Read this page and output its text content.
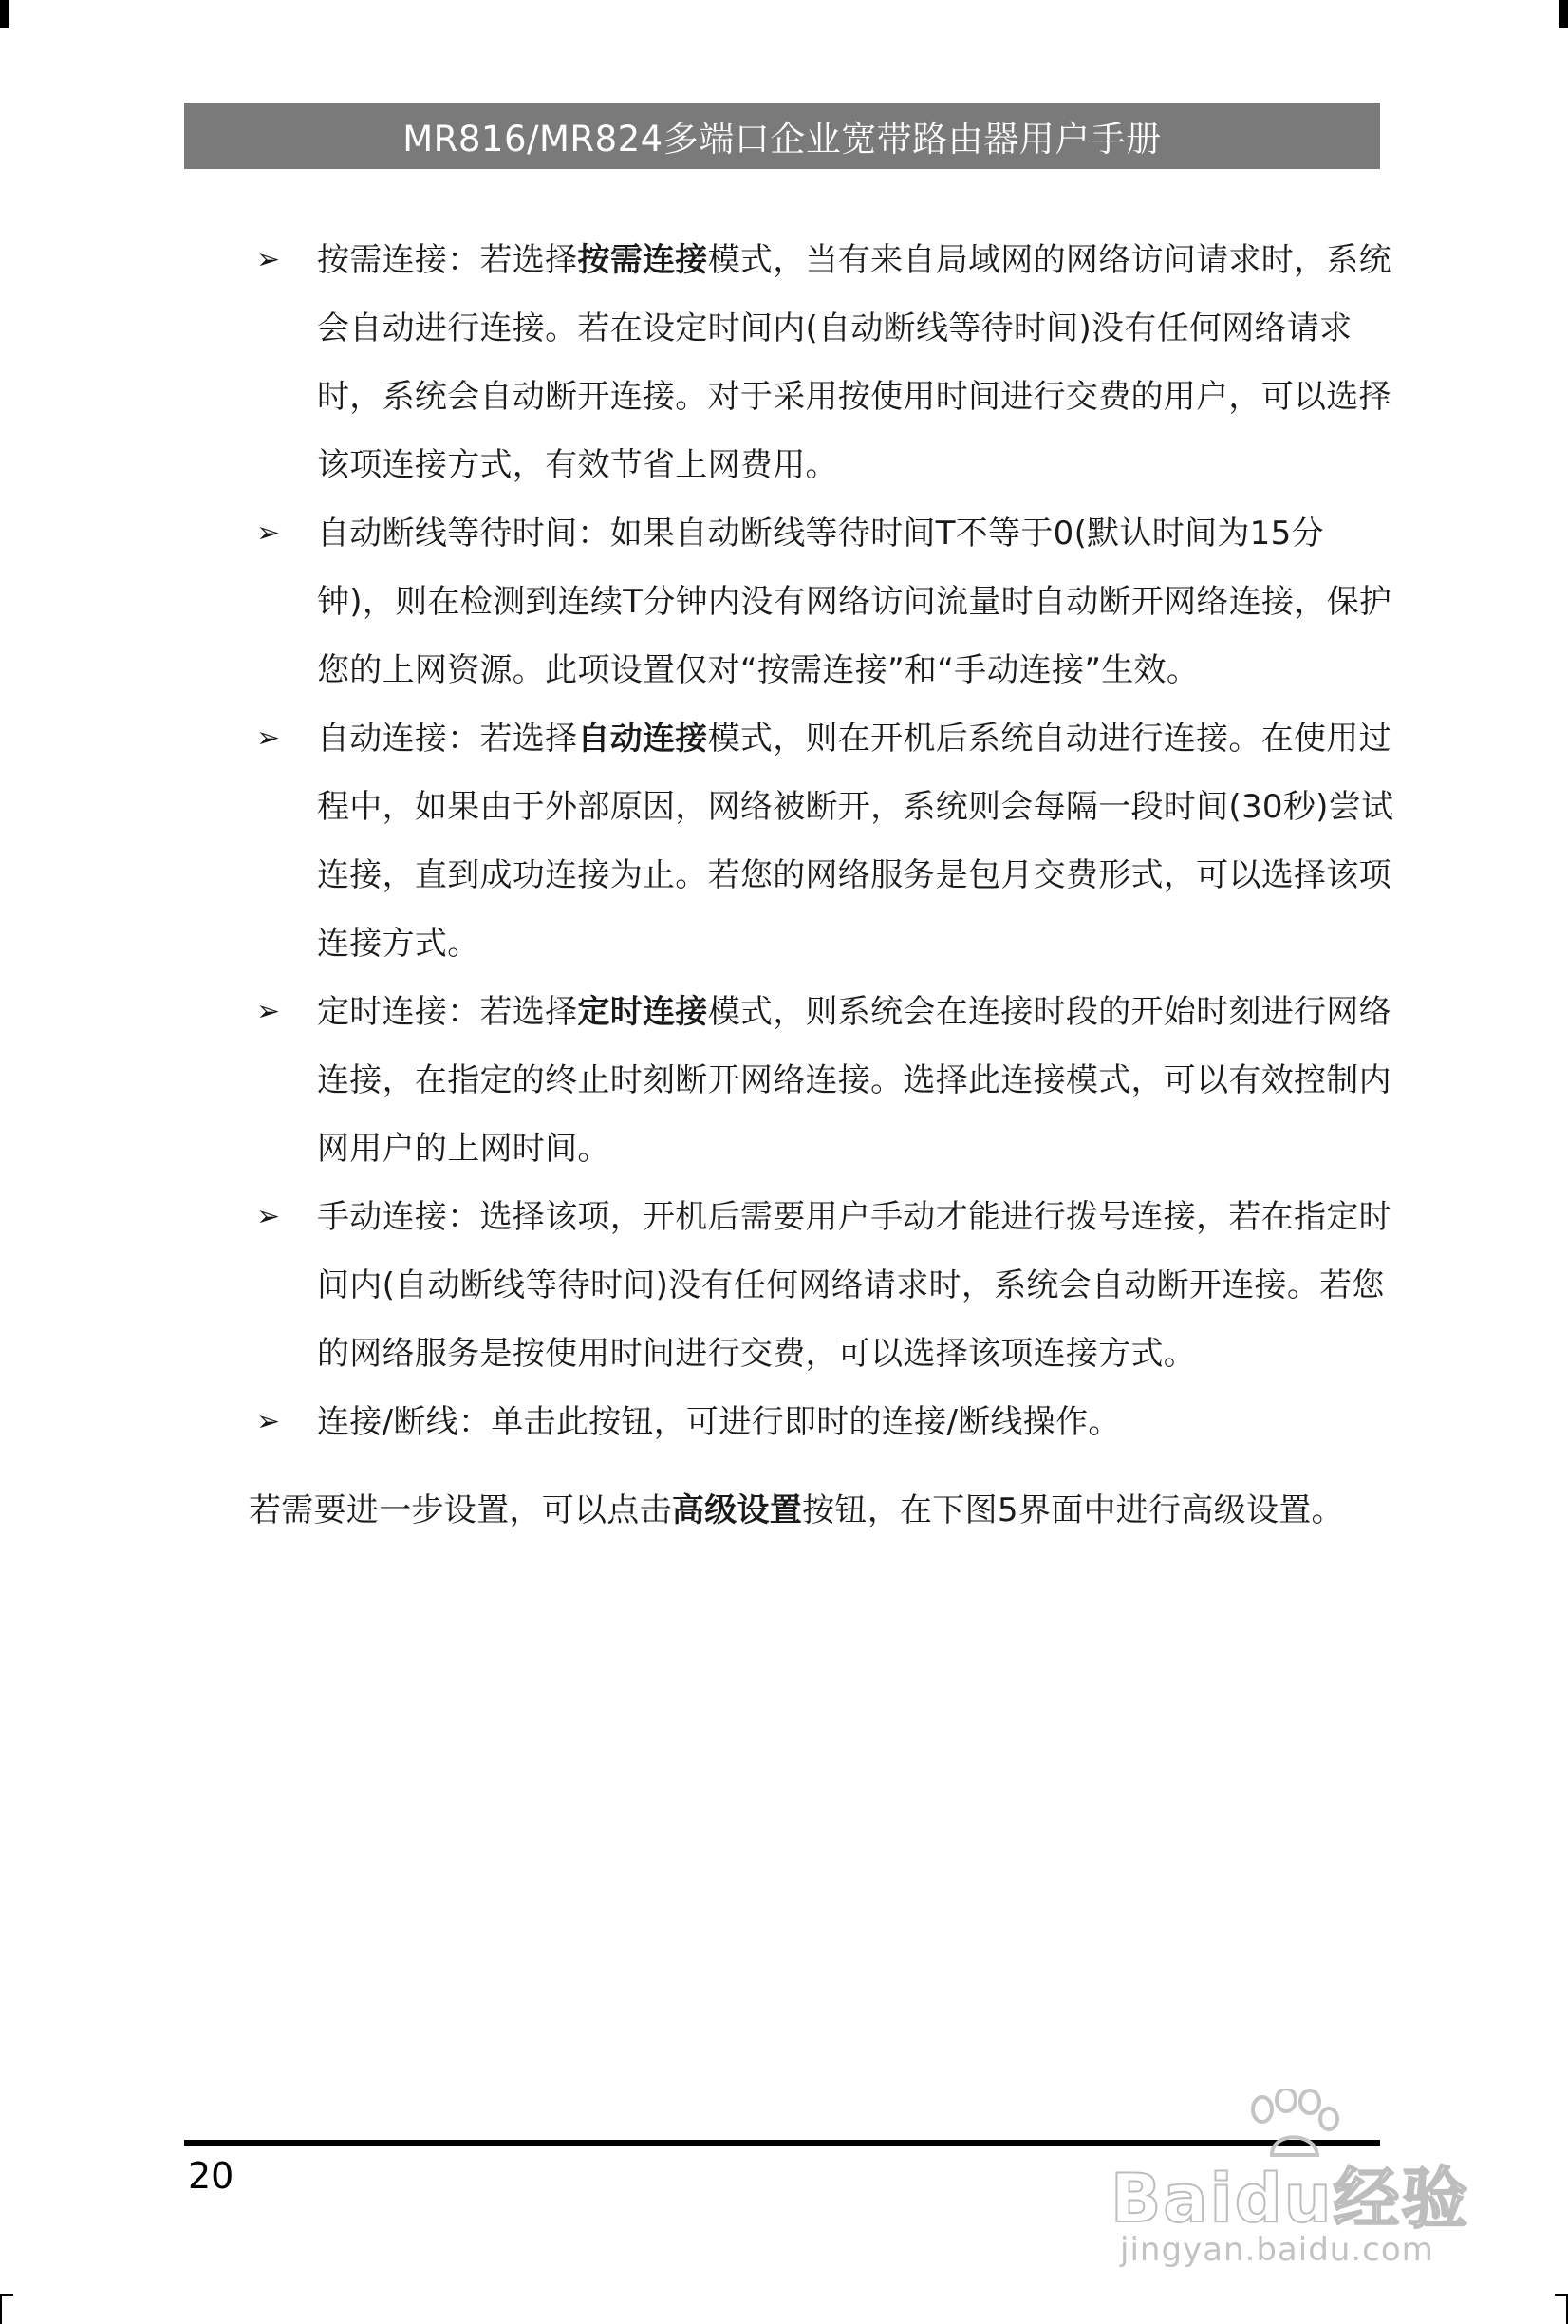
MR816/MR824多端口企业宽带路由器用户手册
➢ 按需连接：若选择按需连接模式，当有来自局域网的网络访问请求时，系统会自动进行连接。若在设定时间内(自动断线等待时间)没有任何网络请求时，系统会自动断开连接。对于采用按使用时间进行交费的用户，可以选择该项连接方式，有效节省上网费用。
➢ 自动断线等待时间：如果自动断线等待时间T不等于0(默认时间为15分钟)，则在检测到连续T分钟内没有网络访问流量时自动断开网络连接，保护您的上网资源。此项设置仅对“按需连接”和“手动连接”生效。
➢ 自动连接：若选择自动连接模式，则在开机后系统自动进行连接。在使用过程中，如果由于外部原因，网络被断开，系统则会每隔一段时间(30秒)尝试连接，直到成功连接为止。若您的网络服务是包月交费形式，可以选择该项连接方式。
➢ 定时连接：若选择定时连接模式，则系统会在连接时段的开始时刻进行网络连接，在指定的终止时刻断开网络连接。选择此连接模式，可以有效控制内网用户的上网时间。
➢ 手动连接：选择该项，开机后需要用户手动才能进行拨号连接，若在指定时间内(自动断线等待时间)没有任何网络请求时，系统会自动断开连接。若您的网络服务是按使用时间进行交费，可以选择该项连接方式。
➢ 连接/断线：单击此按钮，可进行即时的连接/断线操作。
若需要进一步设置，可以点击高级设置按钮，在下图5界面中进行高级设置。
20	Baidu经验
jingyan.baidu.com
